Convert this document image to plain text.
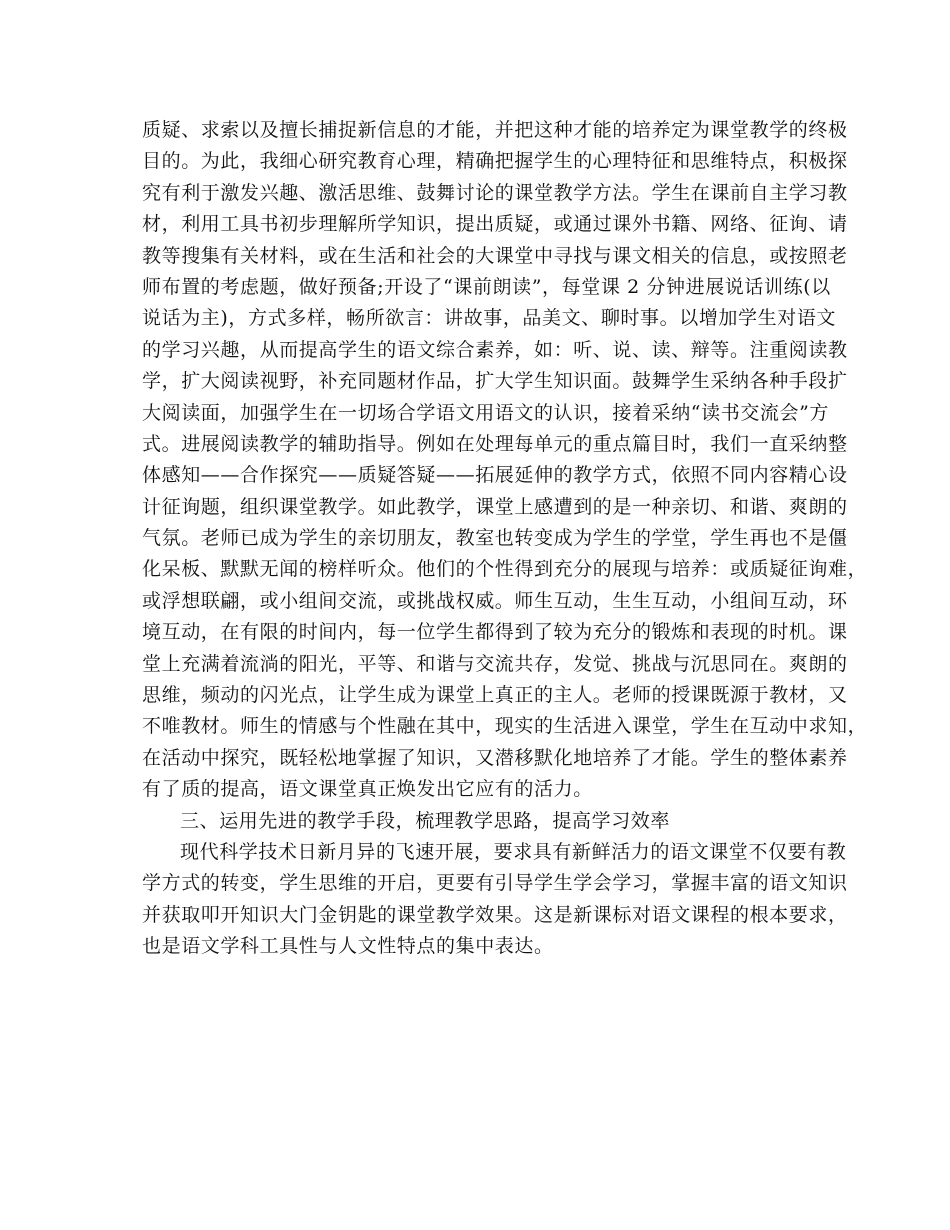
质疑、求索以及擅长捕捉新信息的才能，并把这种才能的培养定为课堂教学的终极
目的。为此，我细心研究教育心理，精确把握学生的心理特征和思维特点，积极探
究有利于激发兴趣、激活思维、鼓舞讨论的课堂教学方法。学生在课前自主学习教
材，利用工具书初步理解所学知识，提出质疑，或通过课外书籍、网络、征询、请
教等搜集有关材料，或在生活和社会的大课堂中寻找与课文相关的信息，或按照老
师布置的考虑题，做好预备;开设了“课前朗读”，每堂课 2 分钟进展说话训练(以
说话为主)，方式多样，畅所欲言：讲故事，品美文、聊时事。以增加学生对语文
的学习兴趣，从而提高学生的语文综合素养，如：听、说、读、辩等。注重阅读教
学，扩大阅读视野，补充同题材作品，扩大学生知识面。鼓舞学生采纳各种手段扩
大阅读面，加强学生在一切场合学语文用语文的认识，接着采纳“读书交流会”方
式。进展阅读教学的辅助指导。例如在处理每单元的重点篇目时，我们一直采纳整
体感知——合作探究——质疑答疑——拓展延伸的教学方式，依照不同内容精心设
计征询题，组织课堂教学。如此教学，课堂上感遭到的是一种亲切、和谐、爽朗的
气氛。老师已成为学生的亲切朋友，教室也转变成为学生的学堂，学生再也不是僵
化呆板、默默无闻的榜样听众。他们的个性得到充分的展现与培养：或质疑征询难，
或浮想联翩，或小组间交流，或挑战权威。师生互动，生生互动，小组间互动，环
境互动，在有限的时间内，每一位学生都得到了较为充分的锻炼和表现的时机。课
堂上充满着流淌的阳光，平等、和谐与交流共存，发觉、挑战与沉思同在。爽朗的
思维，频动的闪光点，让学生成为课堂上真正的主人。老师的授课既源于教材，又
不唯教材。师生的情感与个性融在其中，现实的生活进入课堂，学生在互动中求知，
在活动中探究，既轻松地掌握了知识，又潜移默化地培养了才能。学生的整体素养
有了质的提高，语文课堂真正焕发出它应有的活力。
三、运用先进的教学手段，梳理教学思路，提高学习效率
现代科学技术日新月异的飞速开展，要求具有新鲜活力的语文课堂不仅要有教
学方式的转变，学生思维的开启，更要有引导学生学会学习，掌握丰富的语文知识
并获取叩开知识大门金钥匙的课堂教学效果。这是新课标对语文课程的根本要求，
也是语文学科工具性与人文性特点的集中表达。
